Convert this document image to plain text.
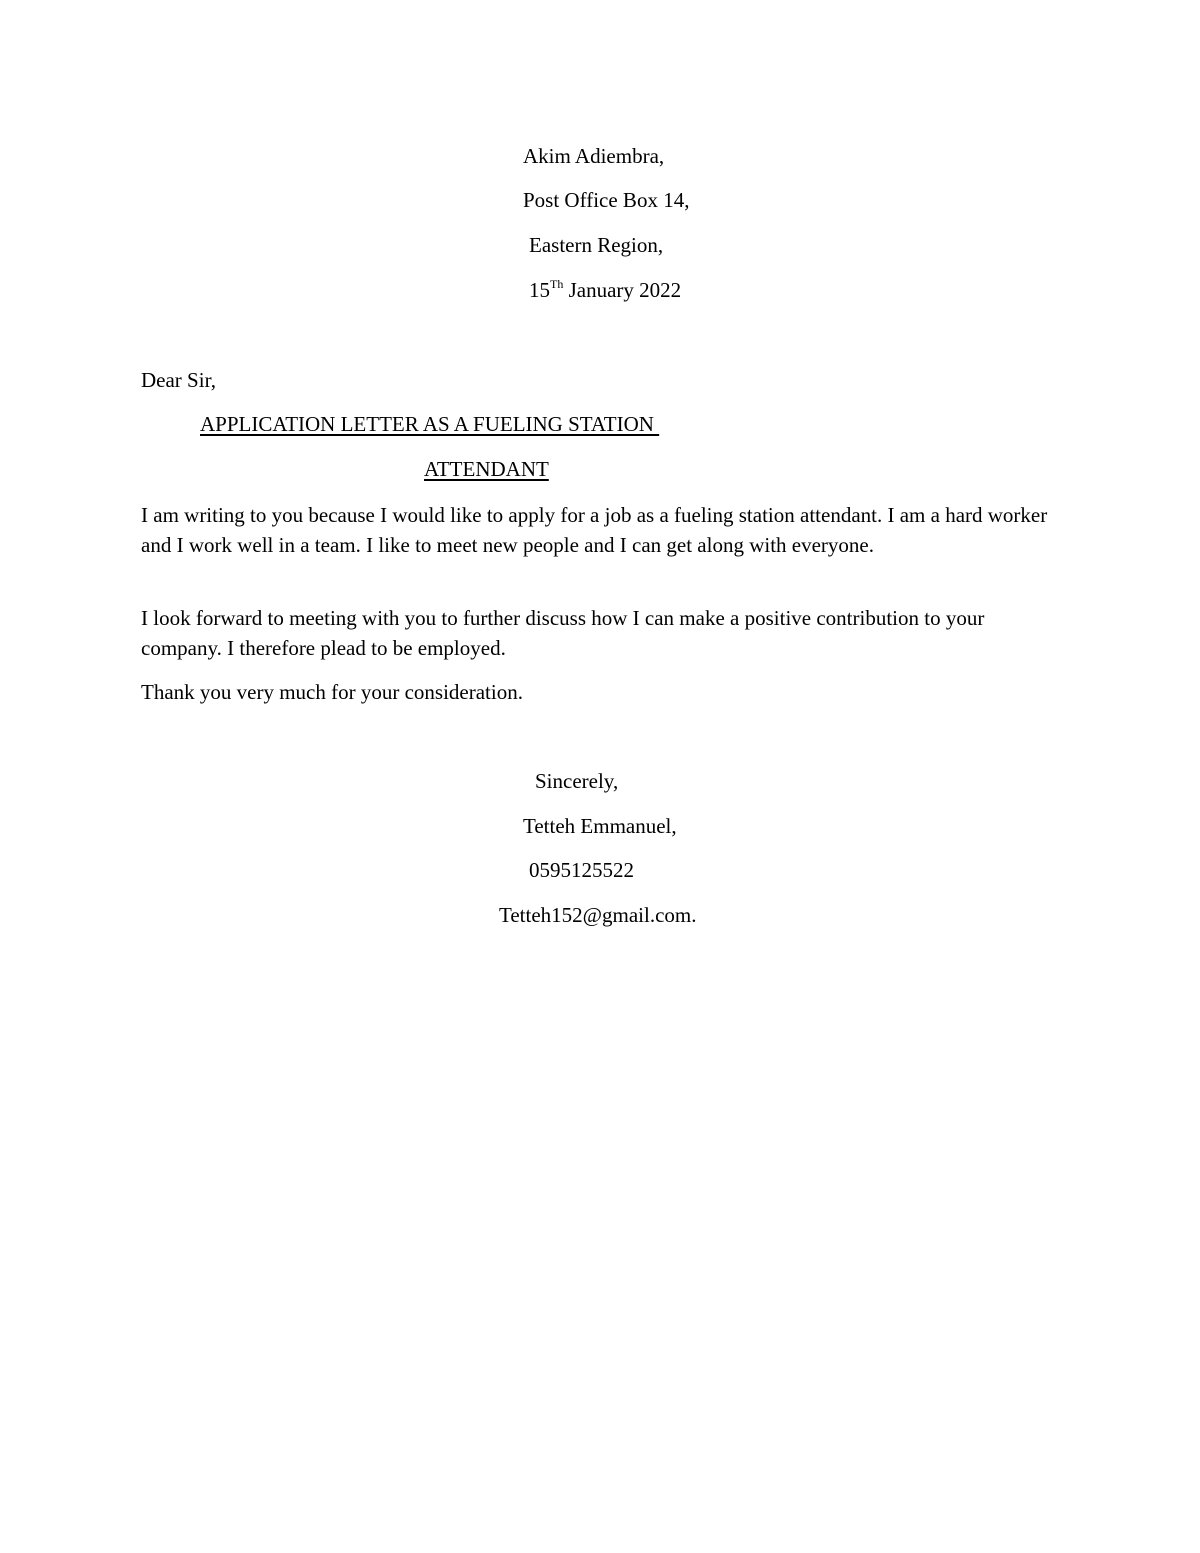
Akim Adiembra,
Post Office Box 14,
Eastern Region,
15Th January 2022
Dear Sir,
APPLICATION LETTER AS A FUELING STATION
ATTENDANT
I am writing to you because I would like to apply for a job as a fueling station attendant. I am a hard worker and I work well in a team. I like to meet new people and I can get along with everyone.
I look forward to meeting with you to further discuss how I can make a positive contribution to your company. I therefore plead to be employed.
Thank you very much for your consideration.
Sincerely,
Tetteh Emmanuel,
0595125522
Tetteh152@gmail.com.
